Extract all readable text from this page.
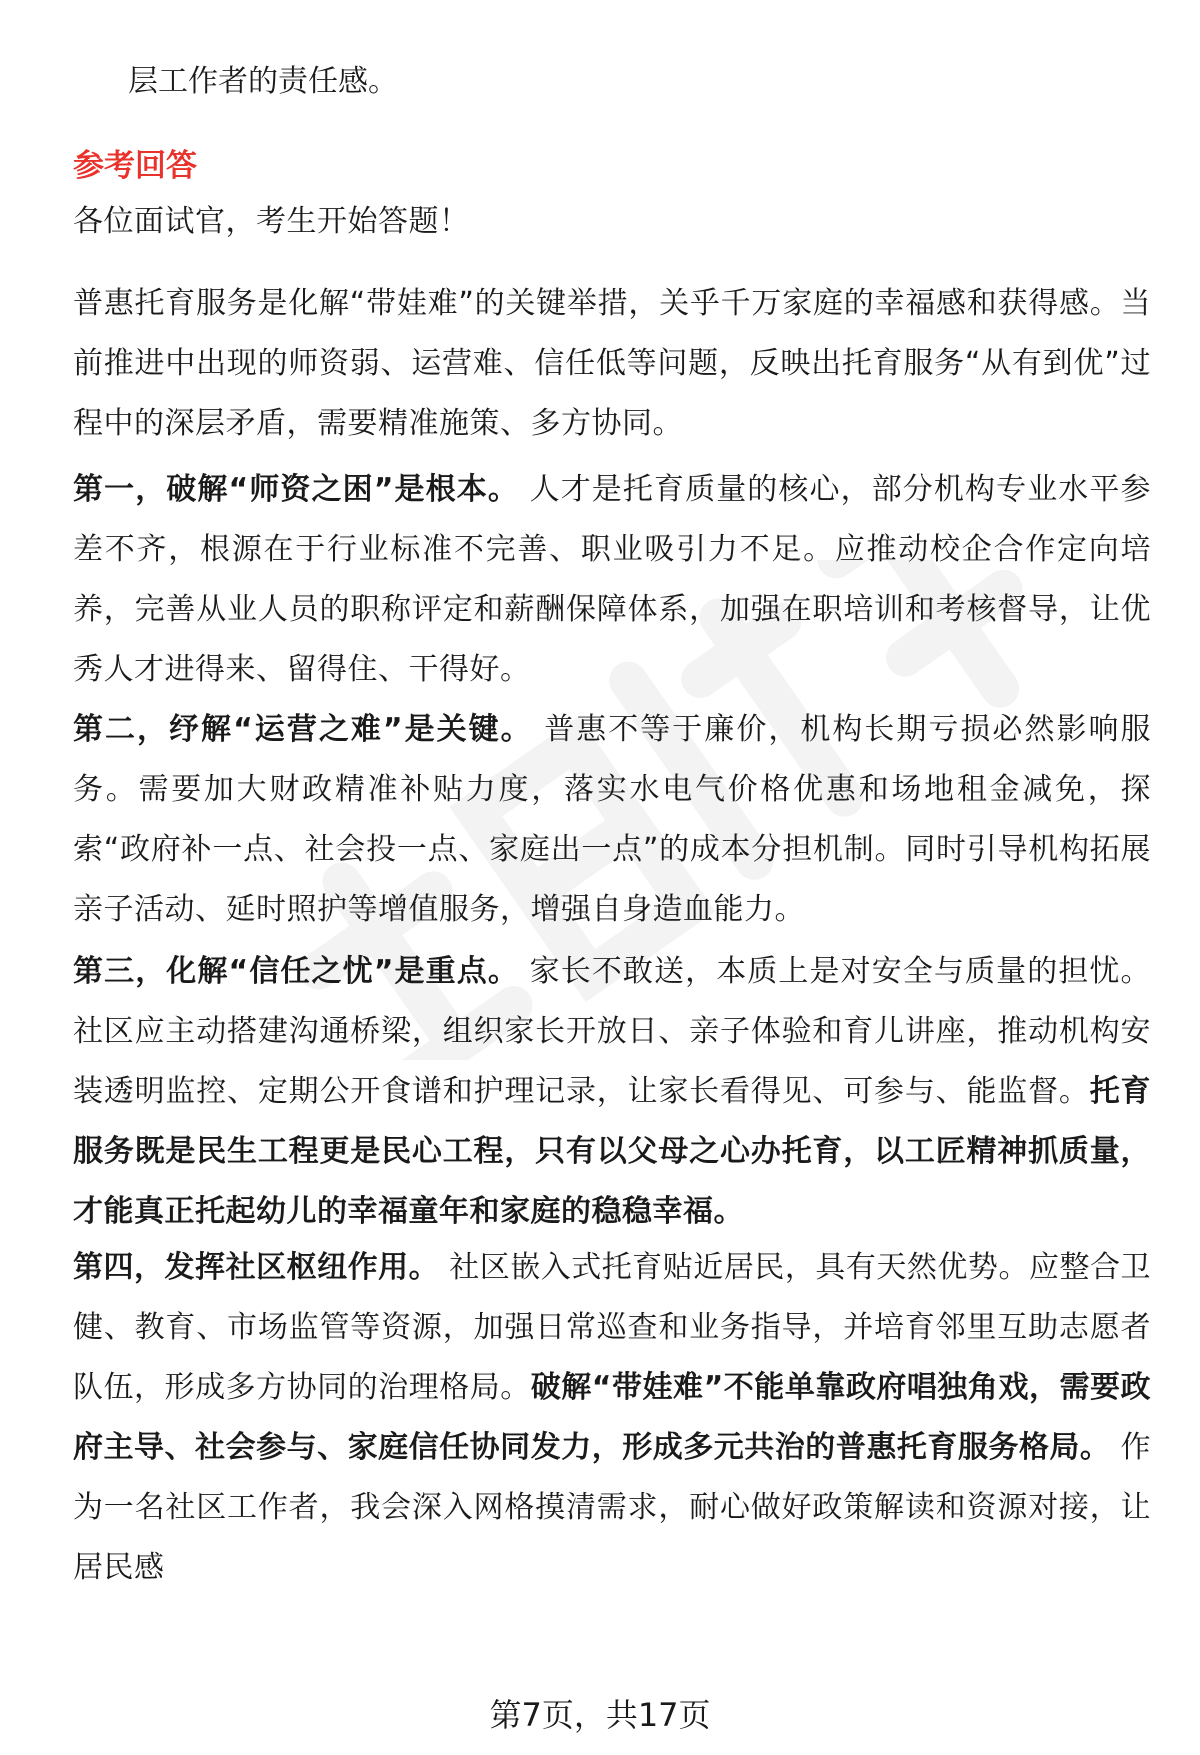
层工作者的责任感。

参考回答

各位面试官，考生开始答题！

普惠托育服务是化解“带娃难”的关键举措，关乎千万家庭的幸福感和获得感。当前推进中出现的师资弱、运营难、信任低等问题，反映出托育服务“从有到优”过程中的深层矛盾，需要精准施策、多方协同。

第一，破解“师资之困”是根本。 人才是托育质量的核心，部分机构专业水平参差不齐，根源在于行业标准不完善、职业吸引力不足。应推动校企合作定向培养，完善从业人员的职称评定和薪酬保障体系，加强在职培训和考核督导，让优秀人才进得来、留得住、干得好。

第二，纾解“运营之难”是关键。 普惠不等于廉价，机构长期亏损必然影响服务。需要加大财政精准补贴力度，落实水电气价格优惠和场地租金减免，探索“政府补一点、社会投一点、家庭出一点”的成本分担机制。同时引导机构拓展亲子活动、延时照护等增值服务，增强自身造血能力。

第三，化解“信任之忧”是重点。 家长不敢送，本质上是对安全与质量的担忧。社区应主动搭建沟通桥梁，组织家长开放日、亲子体验和育儿讲座，推动机构安装透明监控、定期公开食谱和护理记录，让家长看得见、可参与、能监督。托育服务既是民生工程更是民心工程，只有以父母之心办托育，以工匠精神抓质量，才能真正托起幼儿的幸福童年和家庭的稳稳幸福。

第四，发挥社区枢纽作用。 社区嵌入式托育贴近居民，具有天然优势。应整合卫健、教育、市场监管等资源，加强日常巡查和业务指导，并培育邻里互助志愿者队伍，形成多方协同的治理格局。破解“带娃难”不能单靠政府唱独角戏，需要政府主导、社会参与、家庭信任协同发力，形成多元共治的普惠托育服务格局。 作为一名社区工作者，我会深入网格摸清需求，耐心做好政策解读和资源对接，让居民感

第7页，共17页
